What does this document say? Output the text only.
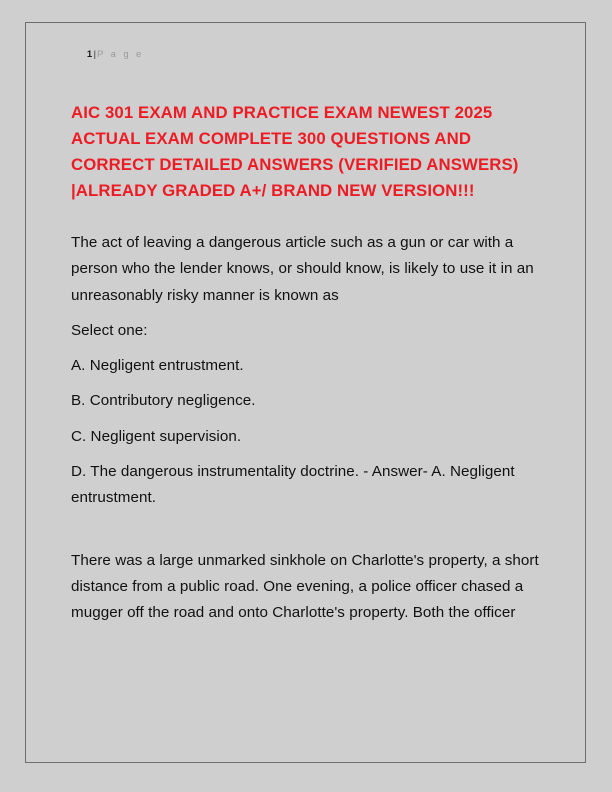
1|P a g e

AIC 301 EXAM AND PRACTICE EXAM NEWEST 2025 ACTUAL EXAM COMPLETE 300 QUESTIONS AND CORRECT DETAILED ANSWERS (VERIFIED ANSWERS) |ALREADY GRADED A+/ BRAND NEW VERSION!!!

The act of leaving a dangerous article such as a gun or car with a person who the lender knows, or should know, is likely to use it in an unreasonably risky manner is known as

Select one:

A. Negligent entrustment.

B. Contributory negligence.

C. Negligent supervision.

D. The dangerous instrumentality doctrine. - Answer- A. Negligent entrustment.

There was a large unmarked sinkhole on Charlotte's property, a short distance from a public road. One evening, a police officer chased a mugger off the road and onto Charlotte's property. Both the officer
